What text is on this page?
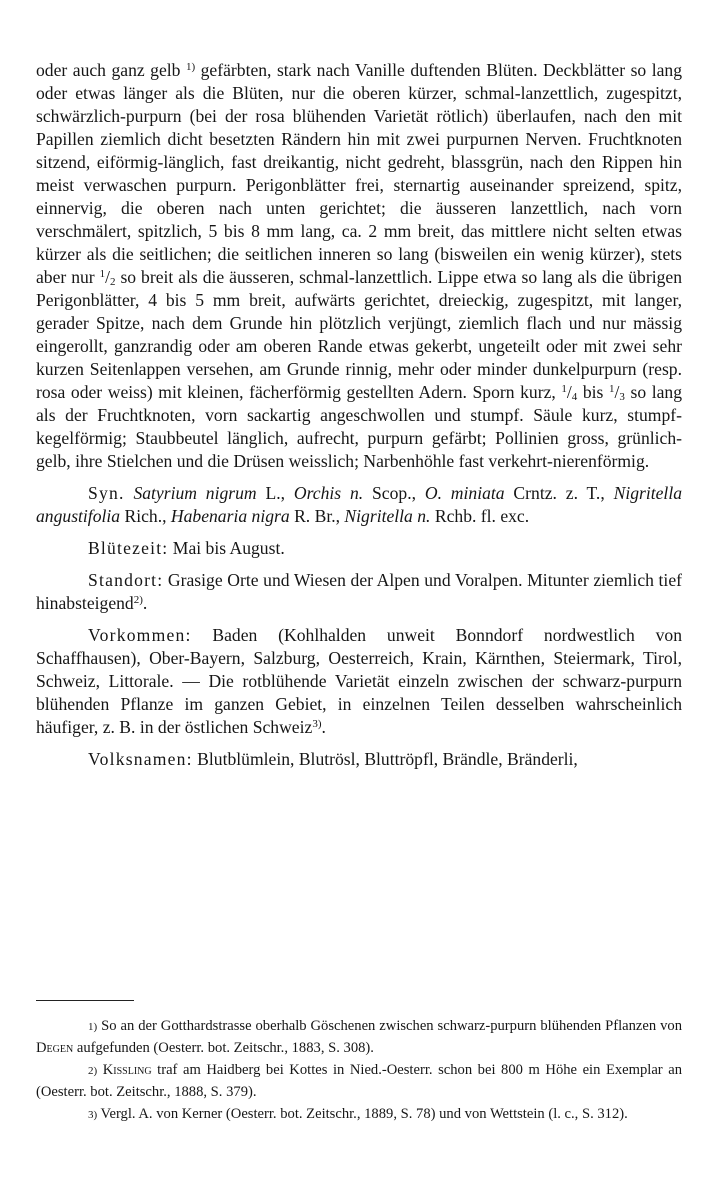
oder auch ganz gelb $^{1)}$ gefärbten, stark nach Vanille duftenden Blüten. Deckblätter so lang oder etwas länger als die Blüten, nur die oberen kürzer, schmal-lanzettlich, zugespitzt, schwärzlich-purpurn (bei der rosa blühenden Varietät rötlich) überlaufen, nach den mit Papillen ziemlich dicht besetzten Rändern hin mit zwei purpurnen Nerven. Fruchtknoten sitzend, eiförmig-länglich, fast dreikantig, nicht gedreht, blassgrün, nach den Rippen hin meist verwaschen purpurn. Perigonblätter frei, sternartig auseinander spreizend, spitz, einnervig, die oberen nach unten gerichtet; die äusseren lanzettlich, nach vorn verschmälert, spitzlich, 5 bis 8 mm lang, ca. 2 mm breit, das mittlere nicht selten etwas kürzer als die seitlichen; die seitlichen inneren so lang (bisweilen ein wenig kürzer), stets aber nur $^1/_2$ so breit als die äusseren, schmal-lanzettlich. Lippe etwa so lang als die übrigen Perigonblätter, 4 bis 5 mm breit, aufwärts gerichtet, dreieckig, zugespitzt, mit langer, gerader Spitze, nach dem Grunde hin plötzlich verjüngt, ziemlich flach und nur mässig eingerollt, ganzrandig oder am oberen Rande etwas gekerbt, ungeteilt oder mit zwei sehr kurzen Seitenlappen versehen, am Grunde rinnig, mehr oder minder dunkelpurpurn (resp. rosa oder weiss) mit kleinen, fächerförmig gestellten Adern. Sporn kurz, $^1/_4$ bis $^1/_3$ so lang als der Fruchtknoten, vorn sackartig angeschwollen und stumpf. Säule kurz, stumpf-kegelförmig; Staubbeutel länglich, aufrecht, purpurn gefärbt; Pollinien gross, grünlich-gelb, ihre Stielchen und die Drüsen weisslich; Narbenhöhle fast verkehrt-nierenförmig.

Syn. Satyrium nigrum L., Orchis n. Scop., O. miniata Crntz. z. T., Nigritella angustifolia Rich., Habenaria nigra R. Br., Nigritella n. Rchb. fl. exc.

Blütezeit: Mai bis August.

Standort: Grasige Orte und Wiesen der Alpen und Voralpen. Mitunter ziemlich tief hinabsteigend$^{2)}$.

Vorkommen: Baden (Kohlhalden unweit Bonndorf nordwestlich von Schaffhausen), Ober-Bayern, Salzburg, Oesterreich, Krain, Kärnthen, Steiermark, Tirol, Schweiz, Littorale. — Die rotblühende Varietät einzeln zwischen der schwarz-purpurn blühenden Pflanze im ganzen Gebiet, in einzelnen Teilen desselben wahrscheinlich häufiger, z. B. in der östlichen Schweiz$^{3)}$.

Volksnamen: Blutblümlein, Blutrösl, Bluttröpfl, Brändle, Bränderli,

1) So an der Gotthardstrasse oberhalb Göschenen zwischen schwarz-purpurn blühenden Pflanzen von Degen aufgefunden (Oesterr. bot. Zeitschr., 1883, S. 308).

2) Kissling traf am Haidberg bei Kottes in Nied.-Oesterr. schon bei 800 m Höhe ein Exemplar an (Oesterr. bot. Zeitschr., 1888, S. 379).

3) Vergl. A. von Kerner (Oesterr. bot. Zeitschr., 1889, S. 78) und von Wettstein (l. c., S. 312).
